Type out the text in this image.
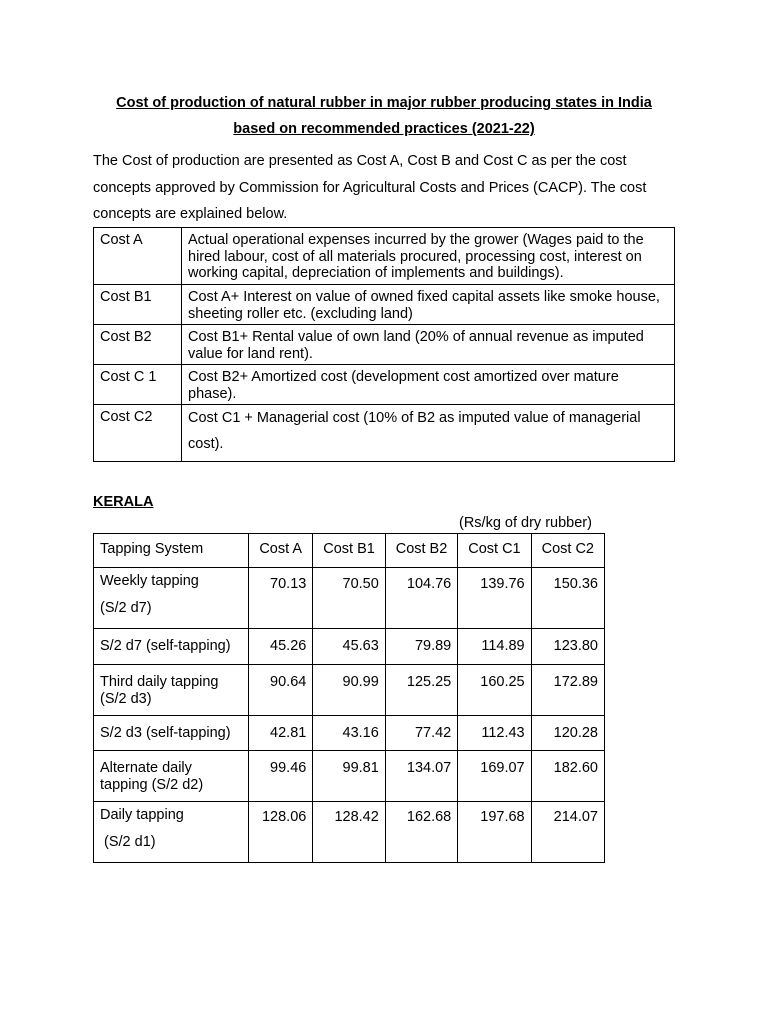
Cost of production of natural rubber in major rubber producing states in India
based on recommended practices (2021-22)
The Cost of production are presented as Cost A, Cost B and Cost C as per the cost
concepts approved by Commission for Agricultural Costs and Prices (CACP). The cost
concepts are explained below.
Cost A	Actual operational expenses incurred by the grower (Wages paid to the hired labour, cost of all materials procured, processing cost, interest on working capital, depreciation of implements and buildings).
Cost B1	Cost A+ Interest on value of owned fixed capital assets like smoke house, sheeting roller etc. (excluding land)
Cost B2	Cost B1+ Rental value of own land (20% of annual revenue as imputed value for land rent).
Cost C 1	Cost B2+ Amortized cost (development cost amortized over mature phase).
Cost C2	Cost C1 + Managerial cost (10% of B2 as imputed value of managerial cost).
KERALA
(Rs/kg of dry rubber)
Tapping System	Cost A	Cost B1	Cost B2	Cost C1	Cost C2

Weekly tapping
(S/2 d7)	70.13	70.50	104.76	139.76	150.36

S/2 d7 (self-tapping)	45.26	45.63	79.89	114.89	123.80

Third daily tapping
(S/2 d3)	90.64	90.99	125.25	160.25	172.89

S/2 d3 (self-tapping)	42.81	43.16	77.42	112.43	120.28

Alternate daily
tapping (S/2 d2)	99.46	99.81	134.07	169.07	182.60

Daily tapping
(S/2 d1)	128.06	128.42	162.68	197.68	214.07
